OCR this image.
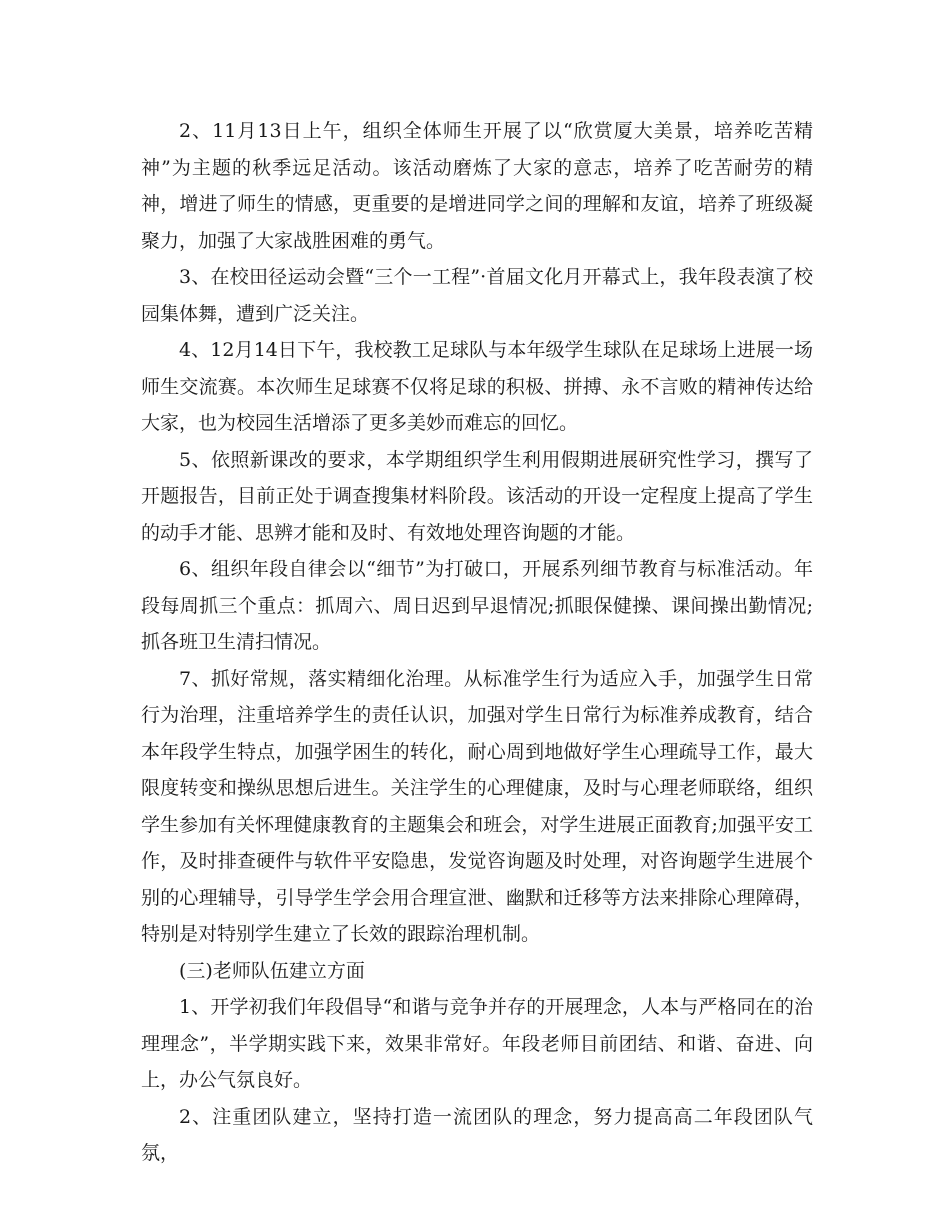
2、11月13日上午，组织全体师生开展了以“欣赏厦大美景，培养吃苦精神”为主题的秋季远足活动。该活动磨炼了大家的意志，培养了吃苦耐劳的精神，增进了师生的情感，更重要的是增进同学之间的理解和友谊，培养了班级凝聚力，加强了大家战胜困难的勇气。

3、在校田径运动会暨“三个一工程”·首届文化月开幕式上，我年段表演了校园集体舞，遭到广泛关注。

4、12月14日下午，我校教工足球队与本年级学生球队在足球场上进展一场师生交流赛。本次师生足球赛不仅将足球的积极、拼搏、永不言败的精神传达给大家，也为校园生活增添了更多美妙而难忘的回忆。

5、依照新课改的要求，本学期组织学生利用假期进展研究性学习，撰写了开题报告，目前正处于调查搜集材料阶段。该活动的开设一定程度上提高了学生的动手才能、思辨才能和及时、有效地处理咨询题的才能。

6、组织年段自律会以“细节”为打破口，开展系列细节教育与标准活动。年段每周抓三个重点：抓周六、周日迟到早退情况;抓眼保健操、课间操出勤情况;抓各班卫生清扫情况。

7、抓好常规，落实精细化治理。从标准学生行为适应入手，加强学生日常行为治理，注重培养学生的责任认识，加强对学生日常行为标准养成教育，结合本年段学生特点，加强学困生的转化，耐心周到地做好学生心理疏导工作，最大限度转变和操纵思想后进生。关注学生的心理健康，及时与心理老师联络，组织学生参加有关怀理健康教育的主题集会和班会，对学生进展正面教育;加强平安工作，及时排查硬件与软件平安隐患，发觉咨询题及时处理，对咨询题学生进展个别的心理辅导，引导学生学会用合理宣泄、幽默和迁移等方法来排除心理障碍，特别是对特别学生建立了长效的跟踪治理机制。

(三)老师队伍建立方面

1、开学初我们年段倡导“和谐与竞争并存的开展理念，人本与严格同在的治理理念”，半学期实践下来，效果非常好。年段老师目前团结、和谐、奋进、向上，办公气氛良好。

2、注重团队建立，坚持打造一流团队的理念，努力提高高二年段团队气氛，
